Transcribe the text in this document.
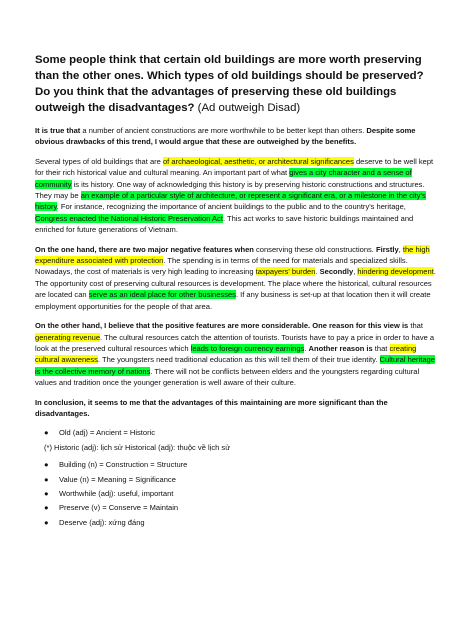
Some people think that certain old buildings are more worth preserving than the other ones. Which types of old buildings should be preserved? Do you think that the advantages of preserving these old buildings outweigh the disadvantages? (Ad outweigh Disad)

It is true that a number of ancient constructions are more worthwhile to be better kept than others. Despite some obvious drawbacks of this trend, I would argue that these are outweighed by the benefits.

Several types of old buildings that are of archaeological, aesthetic, or architectural significances deserve to be well kept for their rich historical value and cultural meaning. An important part of what gives a city character and a sense of community is its history. One way of acknowledging this history is by preserving historic constructions and structures. They may be an example of a particular style of architecture, or represent a significant era, or a milestone in the city's history. For instance, recognizing the importance of ancient buildings to the public and to the country's heritage, Congress enacted the National Historic Preservation Act. This act works to save historic buildings maintained and enriched for future generations of Vietnam.

On the one hand, there are two major negative features when conserving these old constructions. Firstly, the high expenditure associated with protection. The spending is in terms of the need for materials and specialized skills. Nowadays, the cost of materials is very high leading to increasing taxpayers' burden. Secondly, hindering development. The opportunity cost of preserving cultural resources is development. The place where the historical, cultural resources are located can serve as an ideal place for other businesses. If any business is set-up at that location then it will create employment opportunities for the people of that area.

On the other hand, I believe that the positive features are more considerable. One reason for this view is that generating revenue. The cultural resources catch the attention of tourists. Tourists have to pay a price in order to have a look at the preserved cultural resources which leads to foreign currency earnings. Another reason is that creating cultural awareness. The youngsters need traditional education as this will tell them of their true identity. Cultural heritage is the collective memory of nations. There will not be conflicts between elders and the youngsters regarding cultural values and tradition once the younger generation is well aware of their culture.

In conclusion, it seems to me that the advantages of this maintaining are more significant than the disadvantages.

●	Old (adj) = Ancient = Historic
(*) Historic (adj): lịch sử Historical (adj): thuộc về lịch sử
●	Building (n) = Construction = Structure
●	Value (n) = Meaning = Significance
●	Worthwhile (adj): useful, important
●	Preserve (v) = Conserve = Maintain
●	Deserve (adj): xứng đáng
